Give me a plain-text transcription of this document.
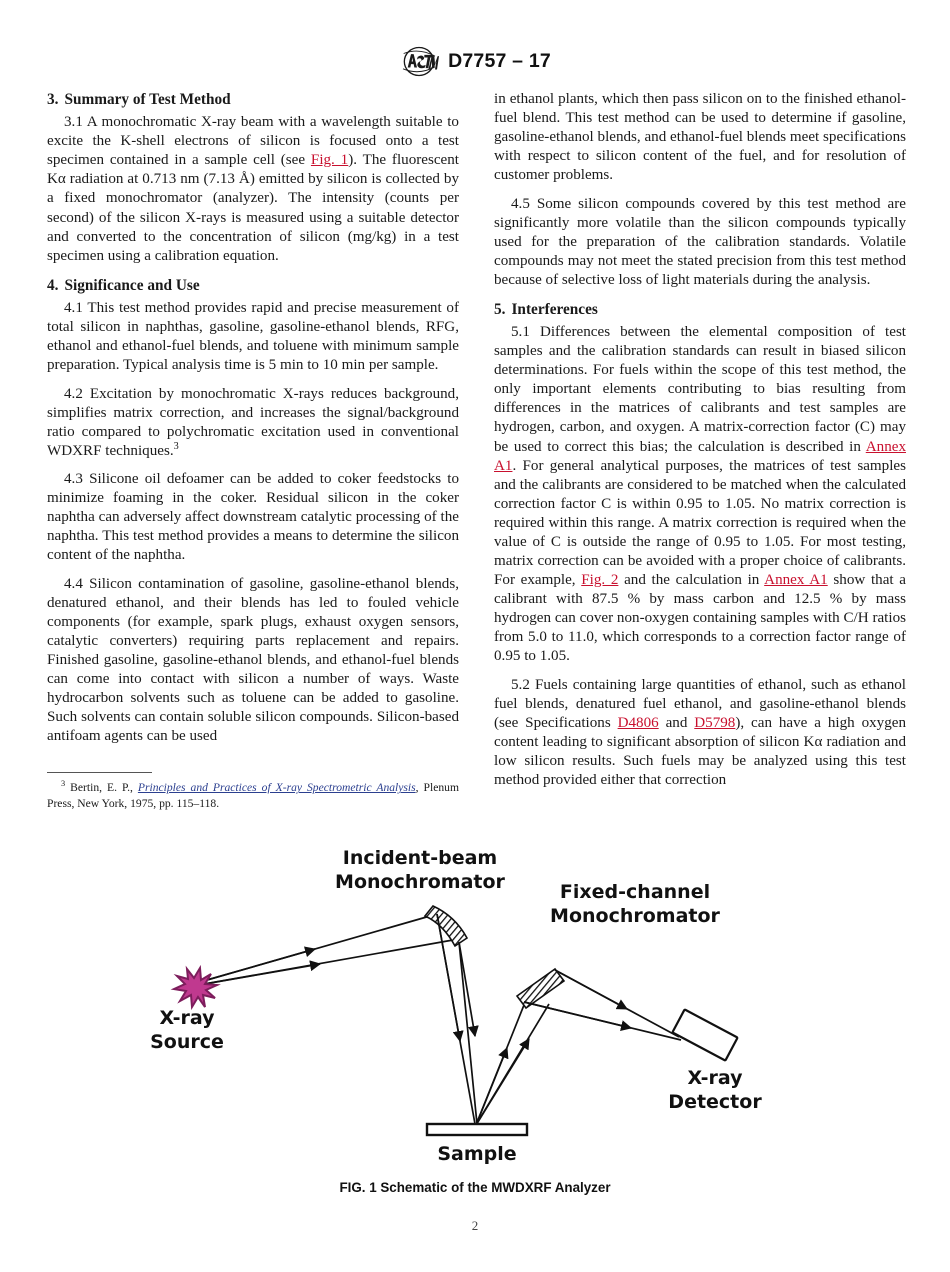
D7757 – 17
3. Summary of Test Method

3.1 A monochromatic X-ray beam with a wavelength suitable to excite the K-shell electrons of silicon is focused onto a test specimen contained in a sample cell (see Fig. 1). The fluorescent Kα radiation at 0.713 nm (7.13 Å) emitted by silicon is collected by a fixed monochromator (analyzer). The intensity (counts per second) of the silicon X-rays is measured using a suitable detector and converted to the concentration of silicon (mg/kg) in a test specimen using a calibration equation.

4. Significance and Use

4.1 This test method provides rapid and precise measurement of total silicon in naphthas, gasoline, gasoline-ethanol blends, RFG, ethanol and ethanol-fuel blends, and toluene with minimum sample preparation. Typical analysis time is 5 min to 10 min per sample.

4.2 Excitation by monochromatic X-rays reduces background, simplifies matrix correction, and increases the signal/background ratio compared to polychromatic excitation used in conventional WDXRF techniques.$^3$

4.3 Silicone oil defoamer can be added to coker feedstocks to minimize foaming in the coker. Residual silicon in the coker naphtha can adversely affect downstream catalytic processing of the naphtha. This test method provides a means to determine the silicon content of the naphtha.

4.4 Silicon contamination of gasoline, gasoline-ethanol blends, denatured ethanol, and their blends has led to fouled vehicle components (for example, spark plugs, exhaust oxygen sensors, catalytic converters) requiring parts replacement and repairs. Finished gasoline, gasoline-ethanol blends, and ethanol-fuel blends can come into contact with silicon a number of ways. Waste hydrocarbon solvents such as toluene can be added to gasoline. Such solvents can contain soluble silicon compounds. Silicon-based antifoam agents can be used

$^3$ Bertin, E. P., Principles and Practices of X-ray Spectrometric Analysis, Plenum Press, New York, 1975, pp. 115–118.

in ethanol plants, which then pass silicon on to the finished ethanol-fuel blend. This test method can be used to determine if gasoline, gasoline-ethanol blends, and ethanol-fuel blends meet specifications with respect to silicon content of the fuel, and for resolution of customer problems.

4.5 Some silicon compounds covered by this test method are significantly more volatile than the silicon compounds typically used for the preparation of the calibration standards. Volatile compounds may not meet the stated precision from this test method because of selective loss of light materials during the analysis.

5. Interferences

5.1 Differences between the elemental composition of test samples and the calibration standards can result in biased silicon determinations. For fuels within the scope of this test method, the only important elements contributing to bias resulting from differences in the matrices of calibrants and test samples are hydrogen, carbon, and oxygen. A matrix-correction factor (C) may be used to correct this bias; the calculation is described in Annex A1. For general analytical purposes, the matrices of test samples and the calibrants are considered to be matched when the calculated correction factor C is within 0.95 to 1.05. No matrix correction is required within this range. A matrix correction is required when the value of C is outside the range of 0.95 to 1.05. For most testing, matrix correction can be avoided with a proper choice of calibrants. For example, Fig. 2 and the calculation in Annex A1 show that a calibrant with 87.5 % by mass carbon and 12.5 % by mass hydrogen can cover non-oxygen containing samples with C/H ratios from 5.0 to 11.0, which corresponds to a correction factor range of 0.95 to 1.05.

5.2 Fuels containing large quantities of ethanol, such as ethanol fuel blends, denatured fuel ethanol, and gasoline-ethanol blends (see Specifications D4806 and D5798), can have a high oxygen content leading to significant absorption of silicon Kα radiation and low silicon results. Such fuels may be analyzed using this test method provided either that correction

Incident-beam
Monochromator	Fixed-channel
Monochromator
X-ray
Source
X-ray
Detector
Sample
FIG. 1 Schematic of the MWDXRF Analyzer
2
